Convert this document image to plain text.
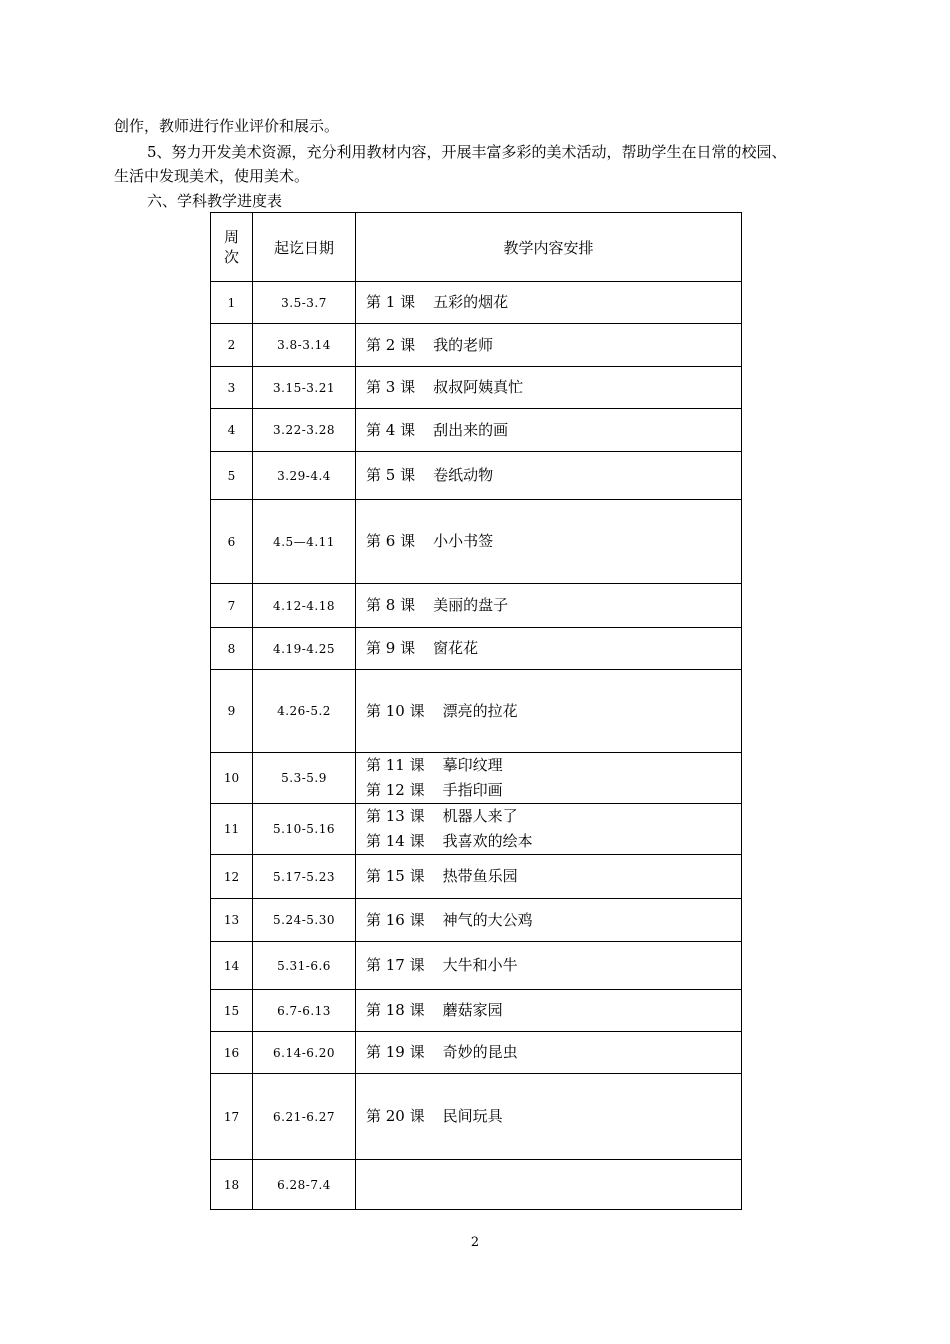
创作，教师进行作业评价和展示。
5、努力开发美术资源，充分利用教材内容，开展丰富多彩的美术活动，帮助学生在日常的校园、
生活中发现美术，使用美术。
六、学科教学进度表
周
次	起讫日期	教学内容安排
1	3.5-3.7	第 1 课 五彩的烟花

2	3.8-3.14	第 2 课 我的老师

3	3.15-3.21	第 3 课 叔叔阿姨真忙

4	3.22-3.28	第 4 课 刮出来的画

5	3.29-4.4	第 5 课 卷纸动物

6	4.5—4.11	第 6 课 小小书签

7	4.12-4.18	第 8 课 美丽的盘子

8	4.19-4.25	第 9 课 窗花花

9	4.26-5.2	第 10 课 漂亮的拉花

10	5.3-5.9	第 11 课 摹印纹理
第 12 课 手指印画

11	5.10-5.16	第 13 课 机器人来了
第 14 课 我喜欢的绘本

12	5.17-5.23	第 15 课 热带鱼乐园

13	5.24-5.30	第 16 课 神气的大公鸡

14	5.31-6.6	第 17 课 大牛和小牛

15	6.7-6.13	第 18 课 蘑菇家园

16	6.14-6.20	第 19 课 奇妙的昆虫

17	6.21-6.27	第 20 课 民间玩具

18	6.28-7.4	
2
